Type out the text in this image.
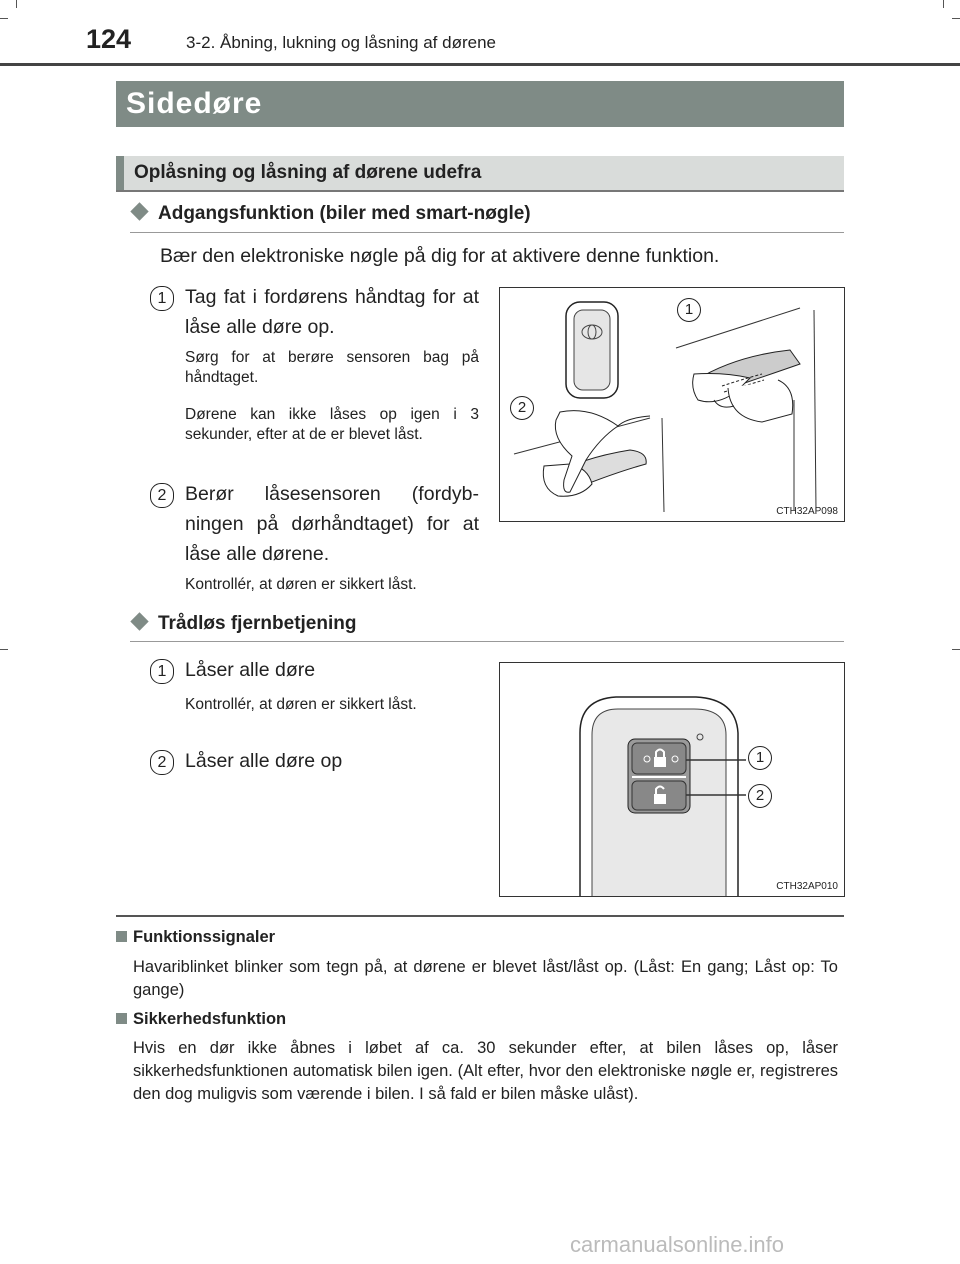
124	3-2. Åbning, lukning og låsning af dørene
Sidedøre
Oplåsning og låsning af dørene udefra
Adgangsfunktion (biler med smart-nøgle)
Bær den elektroniske nøgle på dig for at aktivere denne funktion.
1 Tag fat i fordørens håndtag for at låse alle døre op.
Sørg for at berøre sensoren bag på håndtaget.
Dørene kan ikke låses op igen i 3 sekunder, efter at de er blevet låst.
2 Berør låsesensoren (fordyb-ningen på dørhåndtaget) for at låse alle dørene.
Kontrollér, at døren er sikkert låst.
1
2
CTH32AP098
Trådløs fjernbetjening
1 Låser alle døre
Kontrollér, at døren er sikkert låst.
2 Låser alle døre op	1
2
CTH32AP010
Funktionssignaler
Havariblinket blinker som tegn på, at dørene er blevet låst/låst op. (Låst: En gang; Låst op: To gange)
Sikkerhedsfunktion
Hvis en dør ikke åbnes i løbet af ca. 30 sekunder efter, at bilen låses op, låser sikkerhedsfunktionen automatisk bilen igen. (Alt efter, hvor den elektroniske nøgle er, registreres den dog muligvis som værende i bilen. I så fald er bilen måske ulåst).
carmanualsonline.info
